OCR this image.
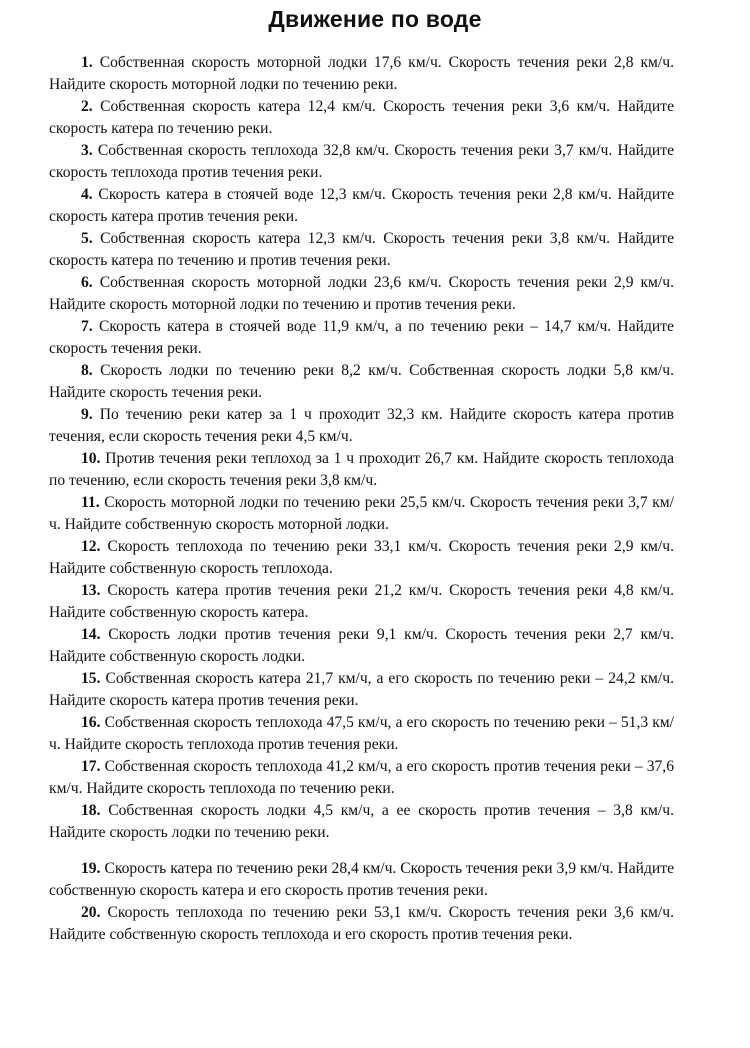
Движение по воде
1. Собственная скорость моторной лодки 17,6 км/ч. Скорость течения реки 2,8 км/ч. Найдите скорость моторной лодки по течению реки.
2. Собственная скорость катера 12,4 км/ч. Скорость течения реки 3,6 км/ч. Найдите скорость катера по течению реки.
3. Собственная скорость теплохода 32,8 км/ч. Скорость течения реки 3,7 км/ч. Найдите скорость теплохода против течения реки.
4. Скорость катера в стоячей воде 12,3 км/ч. Скорость течения реки 2,8 км/ч. Найдите скорость катера против течения реки.
5. Собственная скорость катера 12,3 км/ч. Скорость течения реки 3,8 км/ч. Найдите скорость катера по течению и против течения реки.
6. Собственная скорость моторной лодки 23,6 км/ч. Скорость течения реки 2,9 км/ч. Найдите скорость моторной лодки по течению и против течения реки.
7. Скорость катера в стоячей воде 11,9 км/ч, а по течению реки – 14,7 км/ч. Найдите скорость течения реки.
8. Скорость лодки по течению реки 8,2 км/ч. Собственная скорость лодки 5,8 км/ч. Найдите скорость течения реки.
9. По течению реки катер за 1 ч проходит 32,3 км. Найдите скорость катера против течения, если скорость течения реки 4,5 км/ч.
10. Против течения реки теплоход за 1 ч проходит 26,7 км. Найдите скорость теплохода по течению, если скорость течения реки 3,8 км/ч.
11. Скорость моторной лодки по течению реки 25,5 км/ч. Скорость течения реки 3,7 км/ч. Найдите собственную скорость моторной лодки.
12. Скорость теплохода по течению реки 33,1 км/ч. Скорость течения реки 2,9 км/ч. Найдите собственную скорость теплохода.
13. Скорость катера против течения реки 21,2 км/ч. Скорость течения реки 4,8 км/ч. Найдите собственную скорость катера.
14. Скорость лодки против течения реки 9,1 км/ч. Скорость течения реки 2,7 км/ч. Найдите собственную скорость лодки.
15. Собственная скорость катера 21,7 км/ч, а его скорость по течению реки – 24,2 км/ч. Найдите скорость катера против течения реки.
16. Собственная скорость теплохода 47,5 км/ч, а его скорость по течению реки – 51,3 км/ч. Найдите скорость теплохода против течения реки.
17. Собственная скорость теплохода 41,2 км/ч, а его скорость против течения реки – 37,6 км/ч. Найдите скорость теплохода по течению реки.
18. Собственная скорость лодки 4,5 км/ч, а ее скорость против течения – 3,8 км/ч. Найдите скорость лодки по течению реки.
19. Скорость катера по течению реки 28,4 км/ч. Скорость течения реки 3,9 км/ч. Найдите собственную скорость катера и его скорость против течения реки.
20. Скорость теплохода по течению реки 53,1 км/ч. Скорость течения реки 3,6 км/ч. Найдите собственную скорость теплохода и его скорость против течения реки.
